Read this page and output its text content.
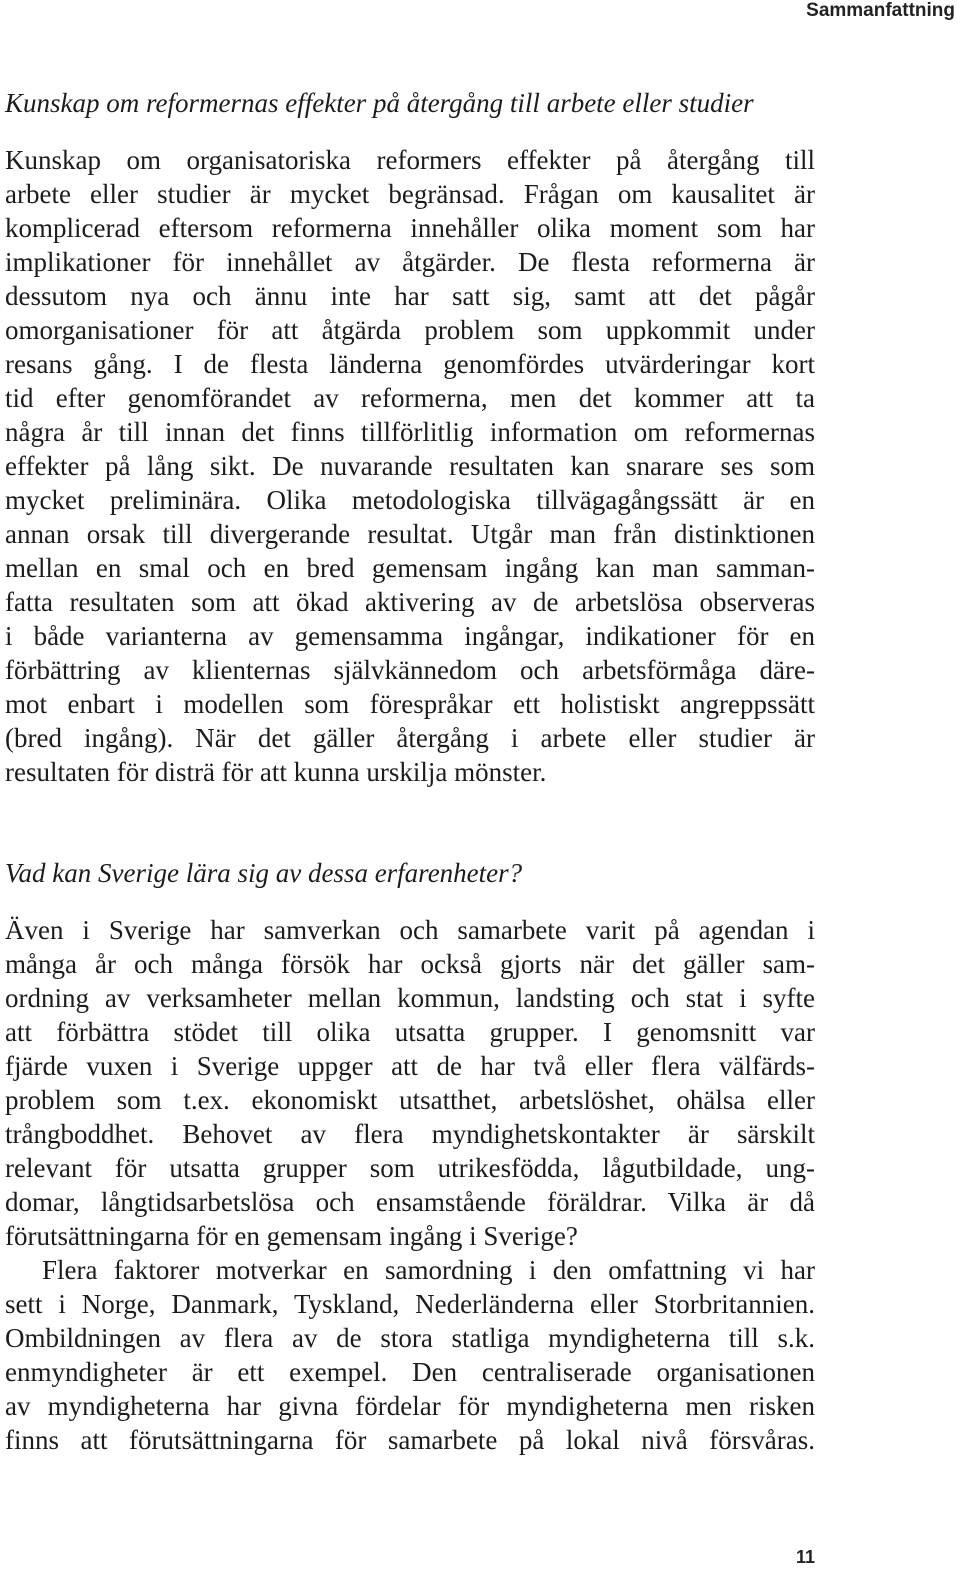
Sammanfattning
Kunskap om reformernas effekter på återgång till arbete eller studier
Kunskap om organisatoriska reformers effekter på återgång till
arbete eller studier är mycket begränsad. Frågan om kausalitet är
komplicerad eftersom reformerna innehåller olika moment som har
implikationer för innehållet av åtgärder. De flesta reformerna är
dessutom nya och ännu inte har satt sig, samt att det pågår
omorganisationer för att åtgärda problem som uppkommit under
resans gång. I de flesta länderna genomfördes utvärderingar kort
tid efter genomförandet av reformerna, men det kommer att ta
några år till innan det finns tillförlitlig information om reformernas
effekter på lång sikt. De nuvarande resultaten kan snarare ses som
mycket preliminära. Olika metodologiska tillvägagångssätt är en
annan orsak till divergerande resultat. Utgår man från distinktionen
mellan en smal och en bred gemensam ingång kan man samman-
fatta resultaten som att ökad aktivering av de arbetslösa observeras
i både varianterna av gemensamma ingångar, indikationer för en
förbättring av klienternas självkännedom och arbetsförmåga däre-
mot enbart i modellen som förespråkar ett holistiskt angreppssätt
(bred ingång). När det gäller återgång i arbete eller studier är
resultaten för disträ för att kunna urskilja mönster.
Vad kan Sverige lära sig av dessa erfarenheter?
Även i Sverige har samverkan och samarbete varit på agendan i
många år och många försök har också gjorts när det gäller sam-
ordning av verksamheter mellan kommun, landsting och stat i syfte
att förbättra stödet till olika utsatta grupper. I genomsnitt var
fjärde vuxen i Sverige uppger att de har två eller flera välfärds-
problem som t.ex. ekonomiskt utsatthet, arbetslöshet, ohälsa eller
trångboddhet. Behovet av flera myndighetskontakter är särskilt
relevant för utsatta grupper som utrikesfödda, lågutbildade, ung-
domar, långtidsarbetslösa och ensamstående föräldrar. Vilka är då
förutsättningarna för en gemensam ingång i Sverige?
Flera faktorer motverkar en samordning i den omfattning vi har
sett i Norge, Danmark, Tyskland, Nederländerna eller Storbritannien.
Ombildningen av flera av de stora statliga myndigheterna till s.k.
enmyndigheter är ett exempel. Den centraliserade organisationen
av myndigheterna har givna fördelar för myndigheterna men risken
finns att förutsättningarna för samarbete på lokal nivå försvåras.
11
